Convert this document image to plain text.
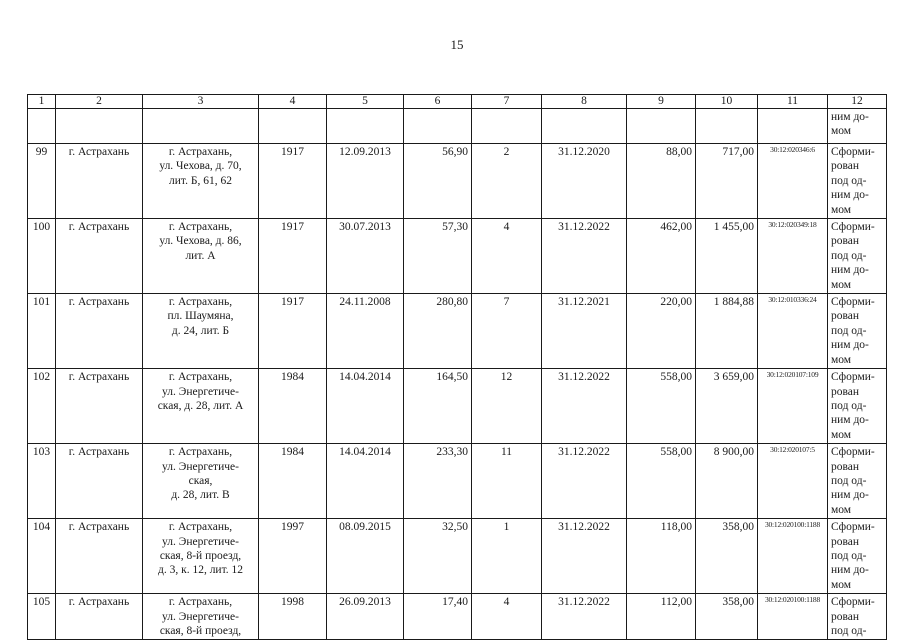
15
1	2	3	4	5	6	7	8	9	10	11	12

											ним до-
мом

99	г. Астрахань	г. Астрахань,
ул. Чехова, д. 70,
лит. Б, 61, 62	1917	12.09.2013	56,90	2	31.12.2020	88,00	717,00	30:12:020346:6	Сформи-
рован
под од-
ним до-
мом

100	г. Астрахань	г. Астрахань,
ул. Чехова, д. 86,
лит. А	1917	30.07.2013	57,30	4	31.12.2022	462,00	1 455,00	30:12:020349:18	Сформи-
рован
под од-
ним до-
мом

101	г. Астрахань	г. Астрахань,
пл. Шаумяна,
д. 24, лит. Б	1917	24.11.2008	280,80	7	31.12.2021	220,00	1 884,88	30:12:010336:24	Сформи-
рован
под од-
ним до-
мом

102	г. Астрахань	г. Астрахань,
ул. Энергетиче-
ская, д. 28, лит. А	1984	14.04.2014	164,50	12	31.12.2022	558,00	3 659,00	30:12:020107:109	Сформи-
рован
под од-
ним до-
мом

103	г. Астрахань	г. Астрахань,
ул. Энергетиче-
ская,
д. 28, лит. В	1984	14.04.2014	233,30	11	31.12.2022	558,00	8 900,00	30:12:020107:5	Сформи-
рован
под од-
ним до-
мом

104	г. Астрахань	г. Астрахань,
ул. Энергетиче-
ская, 8-й проезд,
д. 3, к. 12, лит. 12	1997	08.09.2015	32,50	1	31.12.2022	118,00	358,00	30:12:020100:1188	Сформи-
рован
под од-
ним до-
мом

105	г. Астрахань	г. Астрахань,
ул. Энергетиче-
ская, 8-й проезд,	1998	26.09.2013	17,40	4	31.12.2022	112,00	358,00	30:12:020100:1188	Сформи-
рован
под од-
